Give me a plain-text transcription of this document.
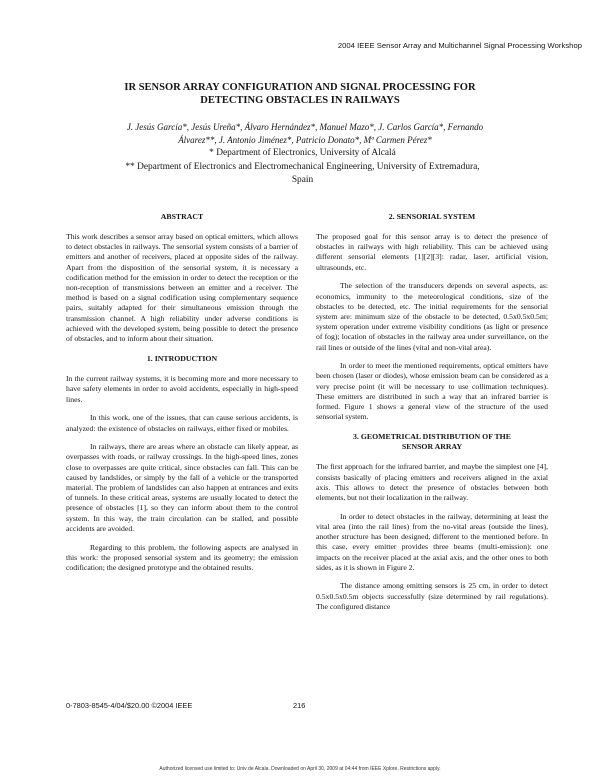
2004 IEEE Sensor Array and Multichannel Signal Processing Workshop
IR SENSOR ARRAY CONFIGURATION AND SIGNAL PROCESSING FOR
DETECTING OBSTACLES IN RAILWAYS
J. Jesús García*, Jesús Ureña*, Álvaro Hernández*, Manuel Mazo*, J. Carlos García*, Fernando
Álvarez**, J. Antonio Jiménez*, Patricio Donato*, Mª Carmen Pérez*
* Department of Electronics, University of Alcalá
** Department of Electronics and Electromechanical Engineering, University of Extremadura,
Spain
ABSTRACT

This work describes a sensor array based on optical emitters, which allows to detect obstacles in railways. The sensorial system consists of a barrier of emitters and another of receivers, placed at opposite sides of the railway. Apart from the disposition of the sensorial system, it is necessary a codification method for the emission in order to detect the reception or the non-reception of transmissions between an emitter and a receiver. The method is based on a signal codification using complementary sequence pairs, suitably adapted for their simultaneous emission through the transmission channel. A high reliability under adverse conditions is achieved with the developed system, being possible to detect the presence of obstacles, and to inform about their situation.

1. INTRODUCTION

In the current railway systems, it is becoming more and more necessary to have safety elements in order to avoid accidents, especially in high-speed lines.

In this work, one of the issues, that can cause serious accidents, is analyzed: the existence of obstacles on railways, either fixed or mobiles.

In railways, there are areas where an obstacle can likely appear, as overpasses with roads, or railway crossings. In the high-speed lines, zones close to overpasses are quite critical, since obstacles can fall. This can be caused by landslides, or simply by the fall of a vehicle or the transported material. The problem of landslides can also happen at entrances and exits of tunnels. In these critical areas, systems are usually located to detect the presence of obstacles [1], so they can inform about them to the control system. In this way, the train circulation can be stalled, and possible accidents are avoided.

Regarding to this problem, the following aspects are analysed in this work: the proposed sensorial system and its geometry; the emission codification; the designed prototype and the obtained results.

2. SENSORIAL SYSTEM

The proposed goal for this sensor array is to detect the presence of obstacles in railways with high reliability. This can be achieved using different sensorial elements [1][2][3]: radar, laser, artificial vision, ultrasounds, etc.

The selection of the transducers depends on several aspects, as: economics, immunity to the meteorological conditions, size of the obstacles to be detected, etc. The initial requirements for the sensorial system are: minimum size of the obstacle to be detected, 0.5x0.5x0.5m; system operation under extreme visibility conditions (as light or presence of fog); location of obstacles in the railway area under surveillance, on the rail lines or outside of the lines (vital and non-vital area).

In order to meet the mentioned requirements, optical emitters have been chosen (laser or diodes), whose emission beam can be considered as a very precise point (it will be necessary to use collimation techniques). These emitters are distributed in such a way that an infrared barrier is formed. Figure 1 shows a general view of the structure of the used sensorial system.

3. GEOMETRICAL DISTRIBUTION OF THE
SENSOR ARRAY

The first approach for the infrared barrier, and maybe the simplest one [4], consists basically of placing emitters and receivers aligned in the axial axis. This allows to detect the presence of obstacles between both elements, but not their localization in the railway.

In order to detect obstacles in the railway, determining at least the vital area (into the rail lines) from the no-vital areas (outside the lines), another structure has been designed, different to the mentioned before. In this case, every emitter provides three beams (multi-emission): one impacts on the receiver placed at the axial axis, and the other ones to both sides, as it is shown in Figure 2.

The distance among emitting sensors is 25 cm, in order to detect 0.5x0.5x0.5m objects successfully (size determined by rail regulations). The configured distance

0-7803-8545-4/04/$20.00 ©2004 IEEE	216
Authorized licensed use limited to: Univ de Alcala. Downloaded on April 30, 2009 at 04:44 from IEEE Xplore. Restrictions apply.
